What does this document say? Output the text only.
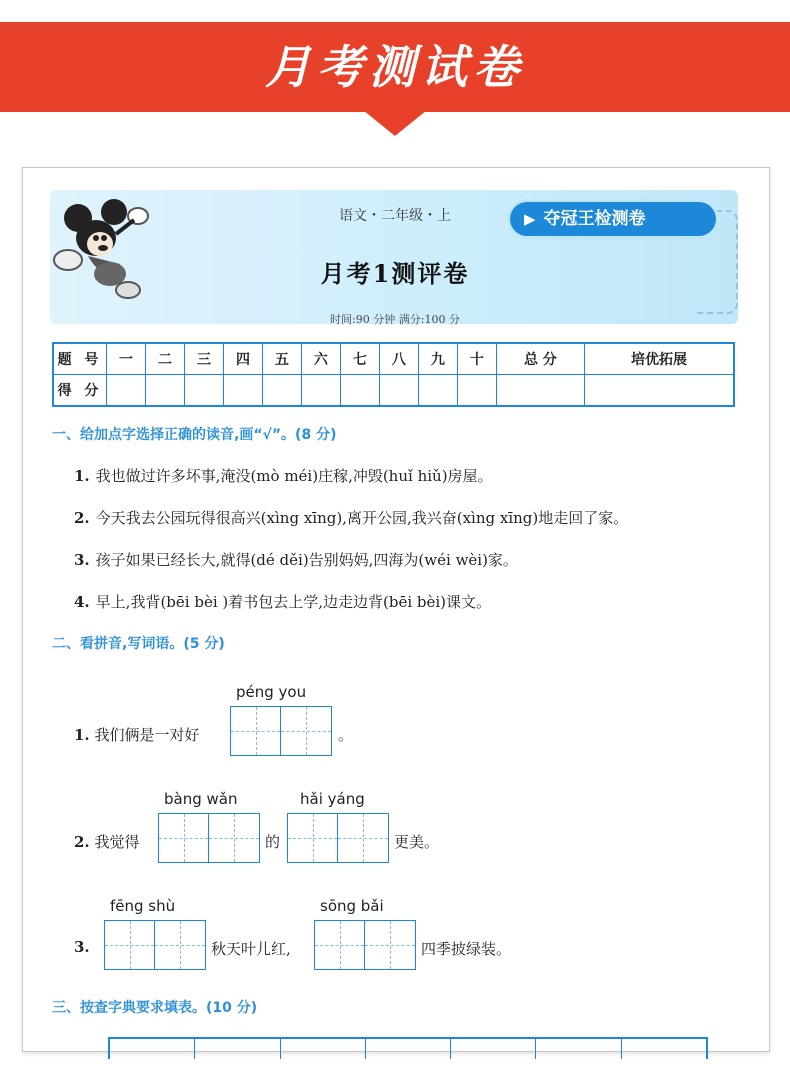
月考测试卷
语文・二年级・上	▶ 夺冠王检测卷
月考1测评卷
时间:90 分钟 满分:100 分
题 号	一	二	三	四	五	六	七	八	九	十	总 分	培优拓展
得 分												
一、给加点字选择正确的读音,画“√”。(8 分)
1. 我也做过许多坏事,淹没(mò méi)庄稼,冲毁(huǐ hiǔ)房屋。
2. 今天我去公园玩得很高兴(xìng xīng),离开公园,我兴奋(xìng xīng)地走回了家。
3. 孩子如果已经长大,就得(dé děi)告别妈妈,四海为(wéi wèi)家。
4. 早上,我背(bēi bèi )着书包去上学,边走边背(bēi bèi)课文。
二、看拼音,写词语。(5 分)
péng you
1. 我们俩是一对好	。
bàng wǎn	hǎi yáng
2. 我觉得	的	更美。
fēng shù	sōng bǎi
3.	秋天叶儿红,	四季披绿装。
三、按查字典要求填表。(10 分)
